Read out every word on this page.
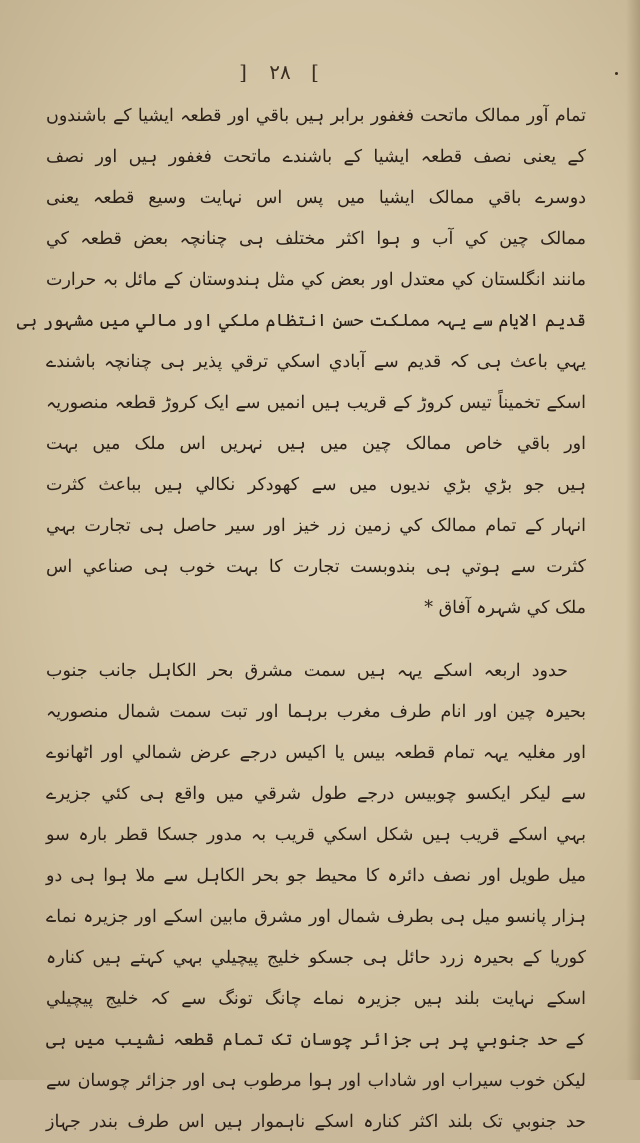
] ۲۸ [
تمام آور ممالک ماتحت فغفور برابر ہیں باقي اور قطعہ ایشیا کے باشندوں
کے یعنی نصف قطعہ ایشیا کے باشندے ماتحت فغفور ہیں اور نصف
دوسرے باقي ممالک ایشیا میں پس اس نہایت وسیع قطعہ یعنی
ممالک چین کي آب و ہوا اکثر مختلف ہی چنانچہ بعض قطعہ کي
مانند انگلستان کي معتدل اور بعض کي مثل ہندوستان کے مائل بہ حرارت
قدیم الایام سے یہہ مملکت حسن انتظام ملکي اور مالي میں مشہور ہی
یہي باعث ہی کہ قدیم سے آبادي اسکي ترقي پذیر ہی چنانچہ باشندے
اسکے تخمیناً تیس کروڑ کے قریب ہیں انمیں سے ایک کروڑ قطعہ منصوریہ
اور باقي خاص ممالک چین میں ہیں نہریں اس ملک میں بہت
ہیں جو بڑي بڑي ندیوں میں سے کھودکر نکالي ہیں بباعث کثرت
انہار کے تمام ممالک کي زمین زر خیز اور سیر حاصل ہی تجارت بہي
کثرت سے ہوتي ہی بندوبست تجارت کا بہت خوب ہی صناعي اس
ملک کي شہرہ آفاق *
حدود اربعہ اسکے یہہ ہیں سمت مشرق بحر الکاہل جانب جنوب
بحیرہ چین اور انام طرف مغرب برہما اور تبت سمت شمال منصوریہ
اور مغلیہ یہہ تمام قطعہ بیس یا اکیس درجے عرض شمالي اور اٹھانوے
سے لیکر ایکسو چوبیس درجے طول شرقي میں واقع ہی کئي جزیرے
بہي اسکے قریب ہیں شکل اسکي قریب بہ مدور جسکا قطر بارہ سو
میل طویل اور نصف دائرہ کا محیط جو بحر الکاہل سے ملا ہوا ہی دو
ہزار پانسو میل ہی بطرف شمال اور مشرق مابین اسکے اور جزیرہ نماے
کوریا کے بحیرہ زرد حائل ہی جسکو خلیج پیچیلي بہي کہتے ہیں کنارہ
اسکے نہایت بلند ہیں جزیرہ نماے چانگ تونگ سے کہ خلیج پیچیلي
کے حد جنوبي پر ہی جزائر چوسان تک تمام قطعہ نشیب میں ہی
لیکن خوب سیراب اور شاداب اور ہوا مرطوب ہی اور جزائر چوسان سے
حد جنوبي تک بلند اکثر کنارہ اسکے ناہموار ہیں اس طرف بندر جہاز
